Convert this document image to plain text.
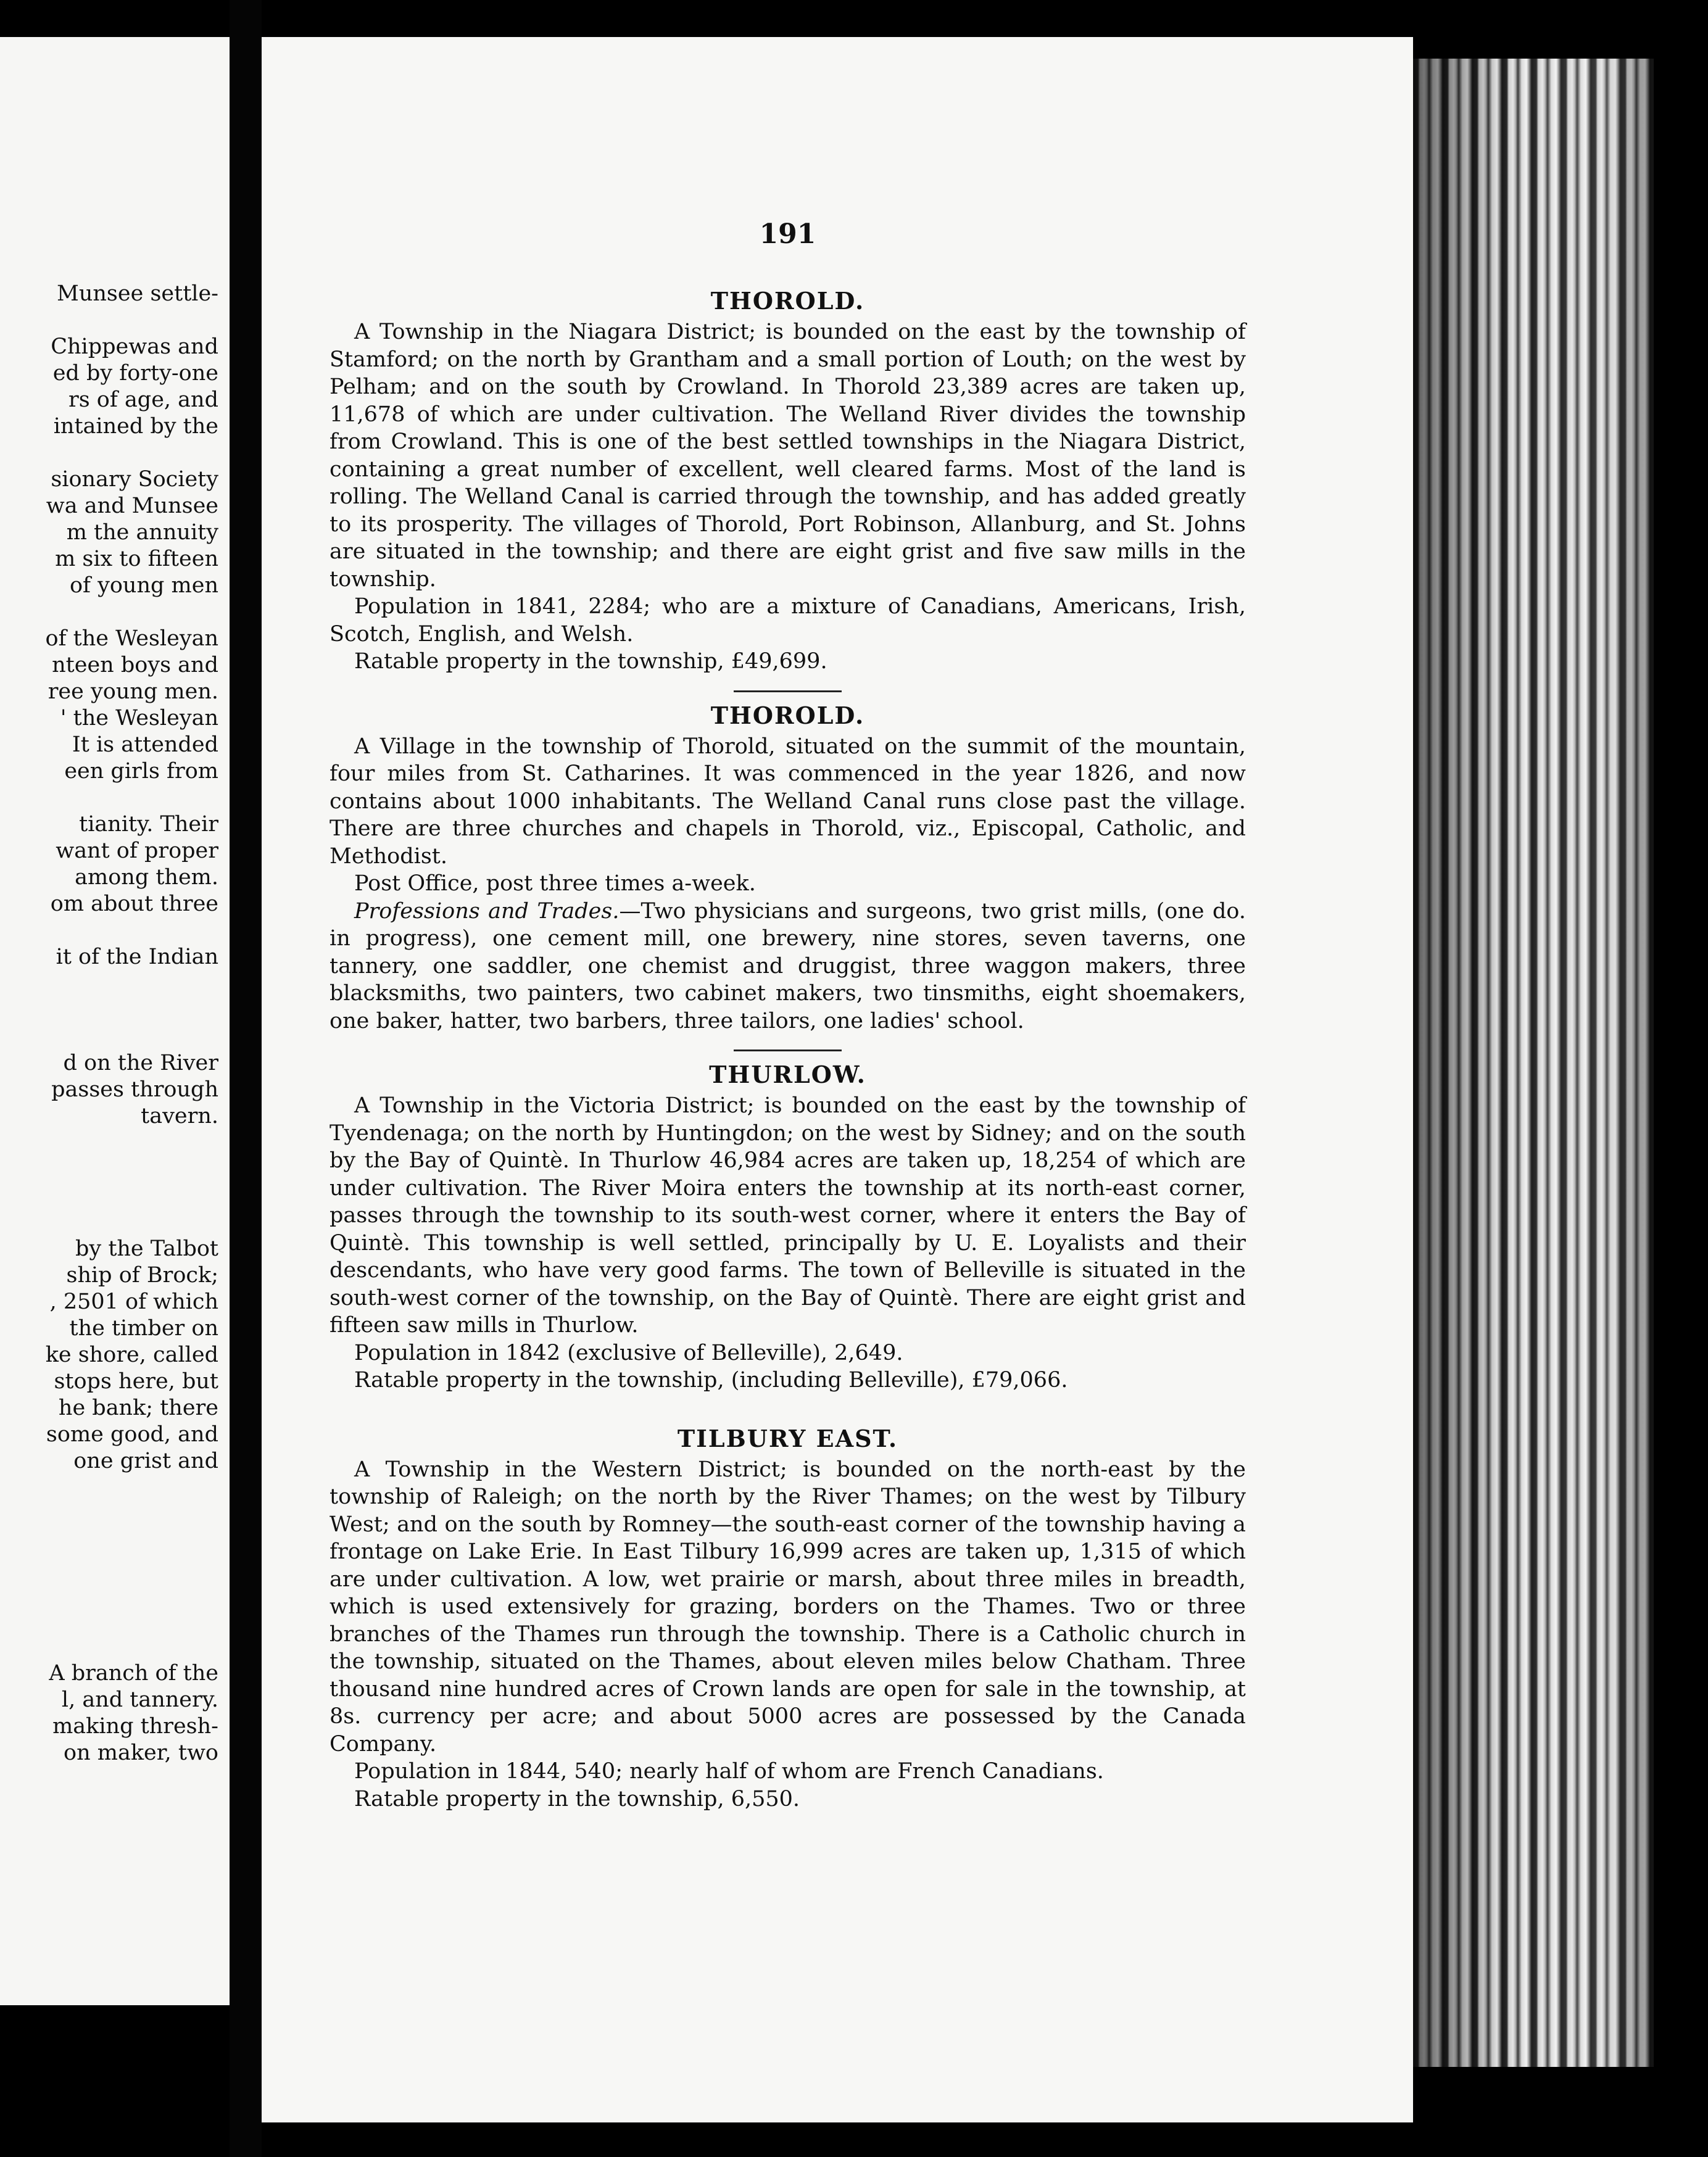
Munsee settle-
Chippewas and
ed by forty-one
rs of age, and
intained by the
sionary Society
wa and Munsee
m the annuity
m six to fifteen
of young men
of the Wesleyan
nteen boys and
ree young men.
' the Wesleyan
It is attended
een girls from
tianity. Their
want of proper
among them.
om about three
it of the Indian
d on the River
passes through
tavern.
by the Talbot
ship of Brock;
, 2501 of which
the timber on
ke shore, called
stops here, but
he bank; there
some good, and
one grist and
A branch of the
l, and tannery.
making thresh-
on maker, two
191
THOROLD.

A Township in the Niagara District; is bounded on the east by the township of Stamford; on the north by Grantham and a small portion of Louth; on the west by Pelham; and on the south by Crowland. In Thorold 23,389 acres are taken up, 11,678 of which are under cultivation. The Welland River divides the township from Crowland. This is one of the best settled townships in the Niagara District, containing a great number of excellent, well cleared farms. Most of the land is rolling. The Welland Canal is carried through the township, and has added greatly to its prosperity. The villages of Thorold, Port Robinson, Allanburg, and St. Johns are situated in the township; and there are eight grist and five saw mills in the township.

Population in 1841, 2284; who are a mixture of Canadians, Americans, Irish, Scotch, English, and Welsh.

Ratable property in the township, £49,699.

THOROLD.

A Village in the township of Thorold, situated on the summit of the mountain, four miles from St. Catharines. It was commenced in the year 1826, and now contains about 1000 inhabitants. The Welland Canal runs close past the village. There are three churches and chapels in Thorold, viz., Episcopal, Catholic, and Methodist.

Post Office, post three times a-week.

Professions and Trades.—Two physicians and surgeons, two grist mills, (one do. in progress), one cement mill, one brewery, nine stores, seven taverns, one tannery, one saddler, one chemist and druggist, three waggon makers, three blacksmiths, two painters, two cabinet makers, two tinsmiths, eight shoemakers, one baker, hatter, two barbers, three tailors, one ladies' school.

THURLOW.

A Township in the Victoria District; is bounded on the east by the township of Tyendenaga; on the north by Huntingdon; on the west by Sidney; and on the south by the Bay of Quintè. In Thurlow 46,984 acres are taken up, 18,254 of which are under cultivation. The River Moira enters the township at its north-east corner, passes through the township to its south-west corner, where it enters the Bay of Quintè. This township is well settled, principally by U. E. Loyalists and their descendants, who have very good farms. The town of Belleville is situated in the south-west corner of the township, on the Bay of Quintè. There are eight grist and fifteen saw mills in Thurlow.

Population in 1842 (exclusive of Belleville), 2,649.

Ratable property in the township, (including Belleville), £79,066.

TILBURY EAST.

A Township in the Western District; is bounded on the north-east by the township of Raleigh; on the north by the River Thames; on the west by Tilbury West; and on the south by Romney—the south-east corner of the township having a frontage on Lake Erie. In East Tilbury 16,999 acres are taken up, 1,315 of which are under cultivation. A low, wet prairie or marsh, about three miles in breadth, which is used extensively for grazing, borders on the Thames. Two or three branches of the Thames run through the township. There is a Catholic church in the township, situated on the Thames, about eleven miles below Chatham. Three thousand nine hundred acres of Crown lands are open for sale in the township, at 8s. currency per acre; and about 5000 acres are possessed by the Canada Company.

Population in 1844, 540; nearly half of whom are French Canadians.

Ratable property in the township, 6,550.
